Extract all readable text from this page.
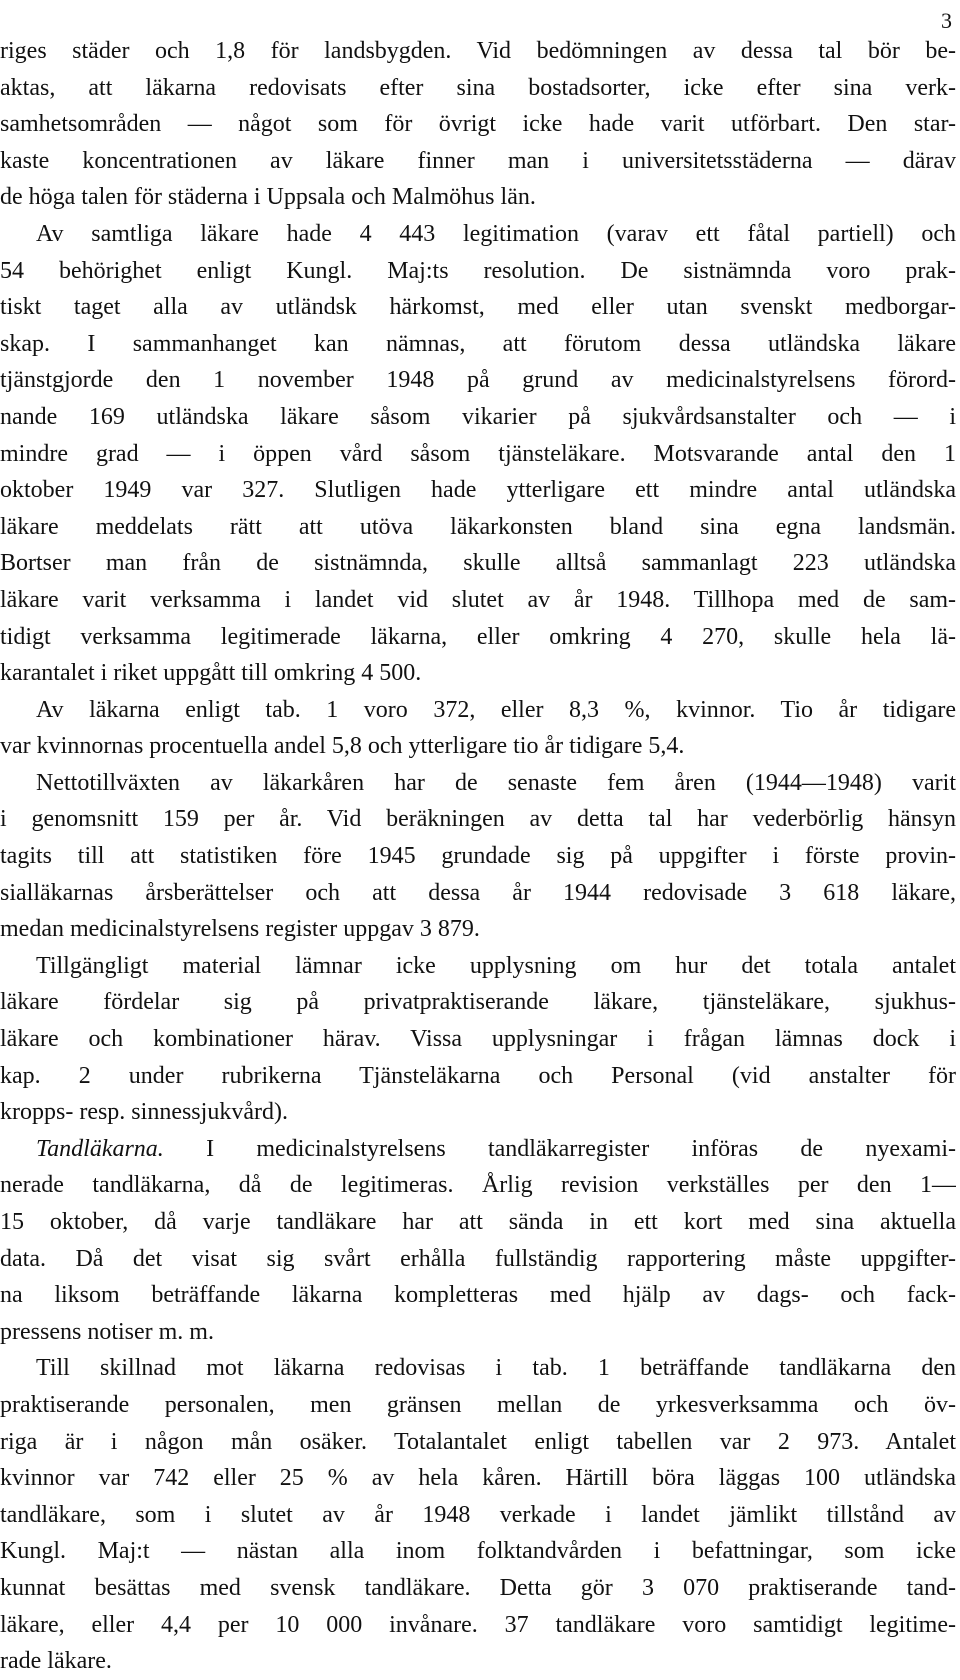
3
riges städer och 1,8 för landsbygden. Vid bedömningen av dessa tal bör be-
aktas, att läkarna redovisats efter sina bostadsorter, icke efter sina verk-
samhetsområden — något som för övrigt icke hade varit utförbart. Den star-
kaste koncentrationen av läkare finner man i universitetsstäderna — därav
de höga talen för städerna i Uppsala och Malmöhus län.
Av samtliga läkare hade 4 443 legitimation (varav ett fåtal partiell) och
54 behörighet enligt Kungl. Maj:ts resolution. De sistnämnda voro prak-
tiskt taget alla av utländsk härkomst, med eller utan svenskt medborgar-
skap. I sammanhanget kan nämnas, att förutom dessa utländska läkare
tjänstgjorde den 1 november 1948 på grund av medicinalstyrelsens förord-
nande 169 utländska läkare såsom vikarier på sjukvårdsanstalter och — i
mindre grad — i öppen vård såsom tjänsteläkare. Motsvarande antal den 1
oktober 1949 var 327. Slutligen hade ytterligare ett mindre antal utländska
läkare meddelats rätt att utöva läkarkonsten bland sina egna landsmän.
Bortser man från de sistnämnda, skulle alltså sammanlagt 223 utländska
läkare varit verksamma i landet vid slutet av år 1948. Tillhopa med de sam-
tidigt verksamma legitimerade läkarna, eller omkring 4 270, skulle hela lä-
karantalet i riket uppgått till omkring 4 500.
Av läkarna enligt tab. 1 voro 372, eller 8,3 %, kvinnor. Tio år tidigare
var kvinnornas procentuella andel 5,8 och ytterligare tio år tidigare 5,4.
Nettotillväxten av läkarkåren har de senaste fem åren (1944—1948) varit
i genomsnitt 159 per år. Vid beräkningen av detta tal har vederbörlig hänsyn
tagits till att statistiken före 1945 grundade sig på uppgifter i förste provin-
sialläkarnas årsberättelser och att dessa år 1944 redovisade 3 618 läkare,
medan medicinalstyrelsens register uppgav 3 879.
Tillgängligt material lämnar icke upplysning om hur det totala antalet
läkare fördelar sig på privatpraktiserande läkare, tjänsteläkare, sjukhus-
läkare och kombinationer härav. Vissa upplysningar i frågan lämnas dock i
kap. 2 under rubrikerna Tjänsteläkarna och Personal (vid anstalter för
kropps- resp. sinnessjukvård).
Tandläkarna. I medicinalstyrelsens tandläkarregister införas de nyexami-
nerade tandläkarna, då de legitimeras. Årlig revision verkställes per den 1—
15 oktober, då varje tandläkare har att sända in ett kort med sina aktuella
data. Då det visat sig svårt erhålla fullständig rapportering måste uppgifter-
na liksom beträffande läkarna kompletteras med hjälp av dags- och fack-
pressens notiser m. m.
Till skillnad mot läkarna redovisas i tab. 1 beträffande tandläkarna den
praktiserande personalen, men gränsen mellan de yrkesverksamma och öv-
riga är i någon mån osäker. Totalantalet enligt tabellen var 2 973. Antalet
kvinnor var 742 eller 25 % av hela kåren. Härtill böra läggas 100 utländska
tandläkare, som i slutet av år 1948 verkade i landet jämlikt tillstånd av
Kungl. Maj:t — nästan alla inom folktandvården i befattningar, som icke
kunnat besättas med svensk tandläkare. Detta gör 3 070 praktiserande tand-
läkare, eller 4,4 per 10 000 invånare. 37 tandläkare voro samtidigt legitime-
rade läkare.
